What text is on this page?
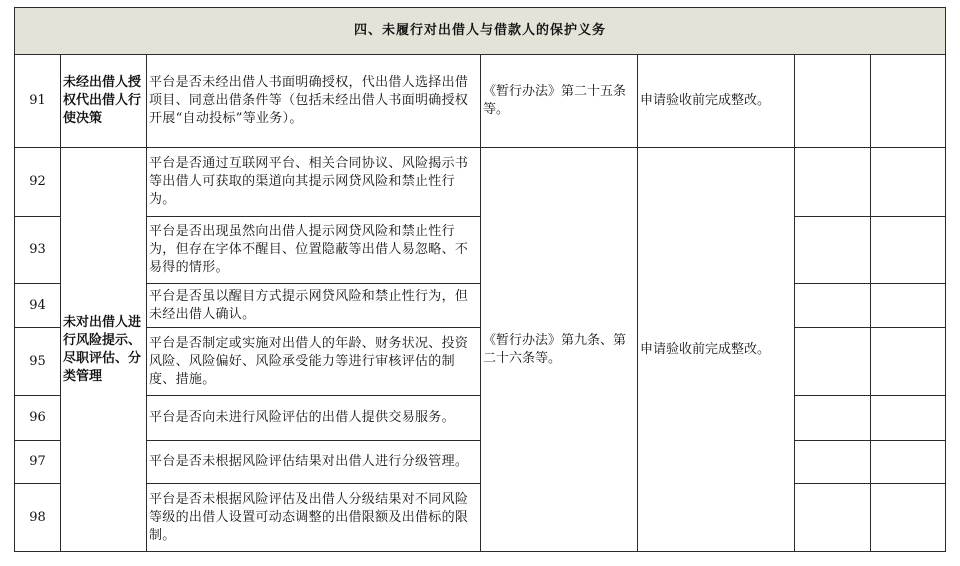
四、未履行对出借人与借款人的保护义务						
91	未经出借人授权代出借人行使决策	平台是否未经出借人书面明确授权，代出借人选择出借项目、同意出借条件等（包括未经出借人书面明确授权开展“自动投标”等业务）。	《暂行办法》第二十五条等。	申请验收前完成整改。		
92	未对出借人进行风险提示、尽职评估、分类管理	平台是否通过互联网平台、相关合同协议、风险揭示书等出借人可获取的渠道向其提示网贷风险和禁止性行为。	《暂行办法》第九条、第二十六条等。	申请验收前完成整改。		
93		平台是否出现虽然向出借人提示网贷风险和禁止性行为，但存在字体不醒目、位置隐蔽等出借人易忽略、不易得的情形。				
94		平台是否虽以醒目方式提示网贷风险和禁止性行为，但未经出借人确认。				
95		平台是否制定或实施对出借人的年龄、财务状况、投资风险、风险偏好、风险承受能力等进行审核评估的制度、措施。				
96		平台是否向未进行风险评估的出借人提供交易服务。				
97		平台是否未根据风险评估结果对出借人进行分级管理。				
98		平台是否未根据风险评估及出借人分级结果对不同风险等级的出借人设置可动态调整的出借限额及出借标的限制。				
